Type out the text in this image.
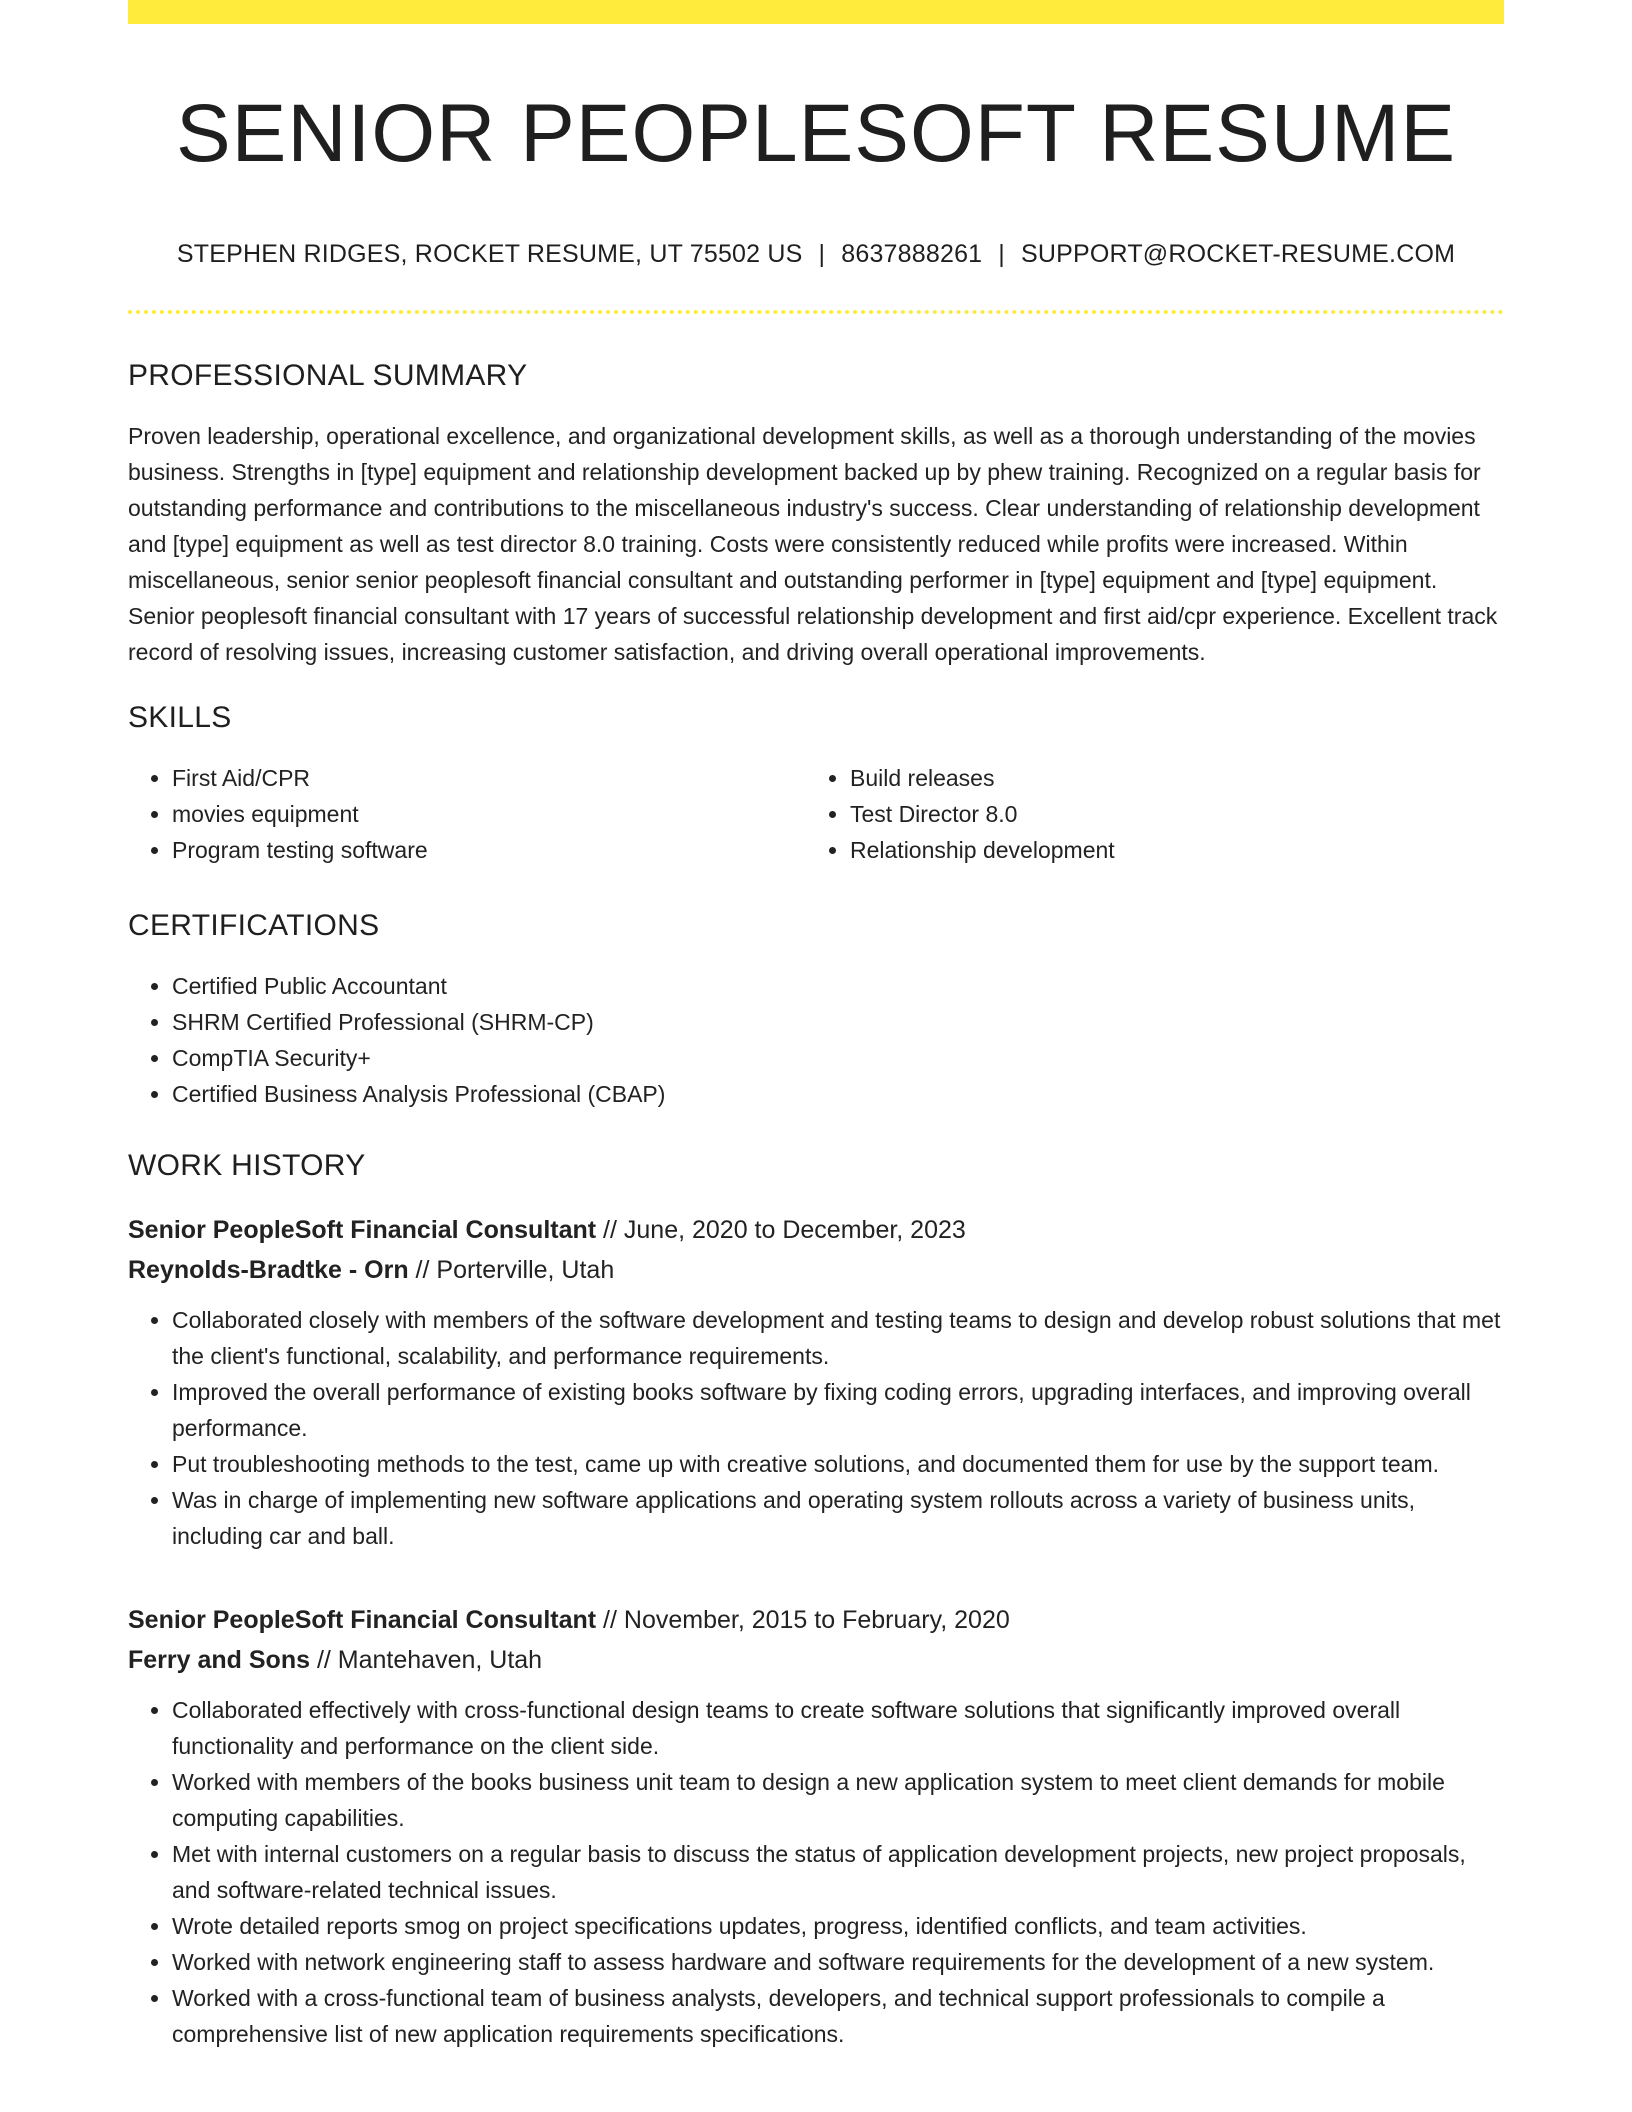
SENIOR PEOPLESOFT RESUME
STEPHEN RIDGES, ROCKET RESUME, UT 75502 US | 8637888261 | SUPPORT@ROCKET-RESUME.COM
PROFESSIONAL SUMMARY

Proven leadership, operational excellence, and organizational development skills, as well as a thorough understanding of the movies business. Strengths in [type] equipment and relationship development backed up by phew training. Recognized on a regular basis for outstanding performance and contributions to the miscellaneous industry's success. Clear understanding of relationship development and [type] equipment as well as test director 8.0 training. Costs were consistently reduced while profits were increased. Within miscellaneous, senior senior peoplesoft financial consultant and outstanding performer in [type] equipment and [type] equipment. Senior peoplesoft financial consultant with 17 years of successful relationship development and first aid/cpr experience. Excellent track record of resolving issues, increasing customer satisfaction, and driving overall operational improvements.

SKILLS
• First Aid/CPR
• movies equipment
• Program testing software
• Build releases
• Test Director 8.0
• Relationship development
CERTIFICATIONS
• Certified Public Accountant
• SHRM Certified Professional (SHRM-CP)
• CompTIA Security+
• Certified Business Analysis Professional (CBAP)
WORK HISTORY
Senior PeopleSoft Financial Consultant // June, 2020 to December, 2023
Reynolds-Bradtke - Orn // Porterville, Utah
• Collaborated closely with members of the software development and testing teams to design and develop robust solutions that met the client's functional, scalability, and performance requirements.
• Improved the overall performance of existing books software by fixing coding errors, upgrading interfaces, and improving overall performance.
• Put troubleshooting methods to the test, came up with creative solutions, and documented them for use by the support team.
• Was in charge of implementing new software applications and operating system rollouts across a variety of business units, including car and ball.
Senior PeopleSoft Financial Consultant // November, 2015 to February, 2020
Ferry and Sons // Mantehaven, Utah
• Collaborated effectively with cross-functional design teams to create software solutions that significantly improved overall functionality and performance on the client side.
• Worked with members of the books business unit team to design a new application system to meet client demands for mobile computing capabilities.
• Met with internal customers on a regular basis to discuss the status of application development projects, new project proposals, and software-related technical issues.
• Wrote detailed reports smog on project specifications updates, progress, identified conflicts, and team activities.
• Worked with network engineering staff to assess hardware and software requirements for the development of a new system.
• Worked with a cross-functional team of business analysts, developers, and technical support professionals to compile a comprehensive list of new application requirements specifications.
